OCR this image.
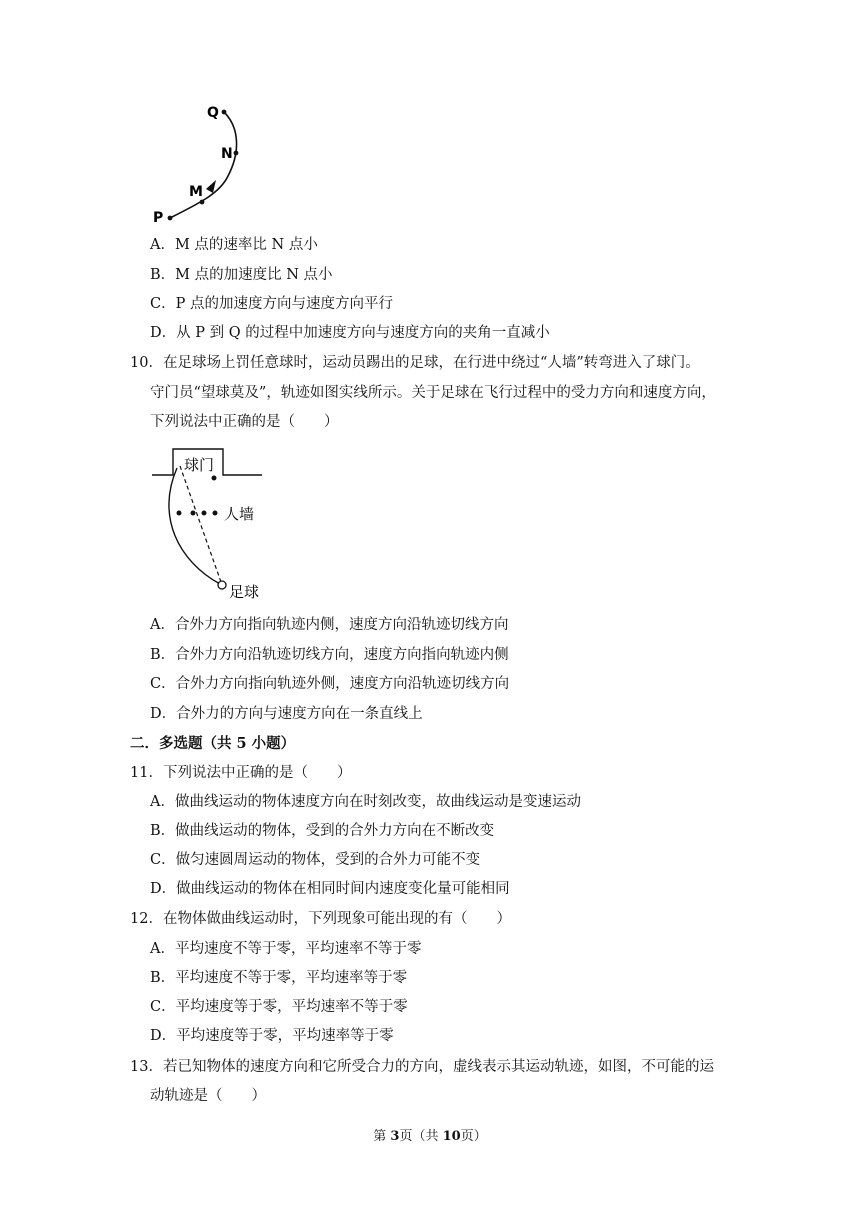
Q
N
M
P
A．M 点的速率比 N 点小
B．M 点的加速度比 N 点小
C．P 点的加速度方向与速度方向平行
D．从 P 到 Q 的过程中加速度方向与速度方向的夹角一直减小
10．在足球场上罚任意球时，运动员踢出的足球，在行进中绕过“人墙”转弯进入了球门。
守门员“望球莫及”，轨迹如图实线所示。关于足球在飞行过程中的受力方向和速度方向，
下列说法中正确的是（　　）
球门
人墙
足球
A．合外力方向指向轨迹内侧，速度方向沿轨迹切线方向
B．合外力方向沿轨迹切线方向，速度方向指向轨迹内侧
C．合外力方向指向轨迹外侧，速度方向沿轨迹切线方向
D．合外力的方向与速度方向在一条直线上
二．多选题（共 5 小题）
11．下列说法中正确的是（　　）
A．做曲线运动的物体速度方向在时刻改变，故曲线运动是变速运动
B．做曲线运动的物体，受到的合外力方向在不断改变
C．做匀速圆周运动的物体，受到的合外力可能不变
D．做曲线运动的物体在相同时间内速度变化量可能相同
12．在物体做曲线运动时，下列现象可能出现的有（　　）
A．平均速度不等于零，平均速率不等于零
B．平均速度不等于零，平均速率等于零
C．平均速度等于零，平均速率不等于零
D．平均速度等于零，平均速率等于零
13．若已知物体的速度方向和它所受合力的方向，虚线表示其运动轨迹，如图，不可能的运
动轨迹是（　　）
第 3页（共 10页）
